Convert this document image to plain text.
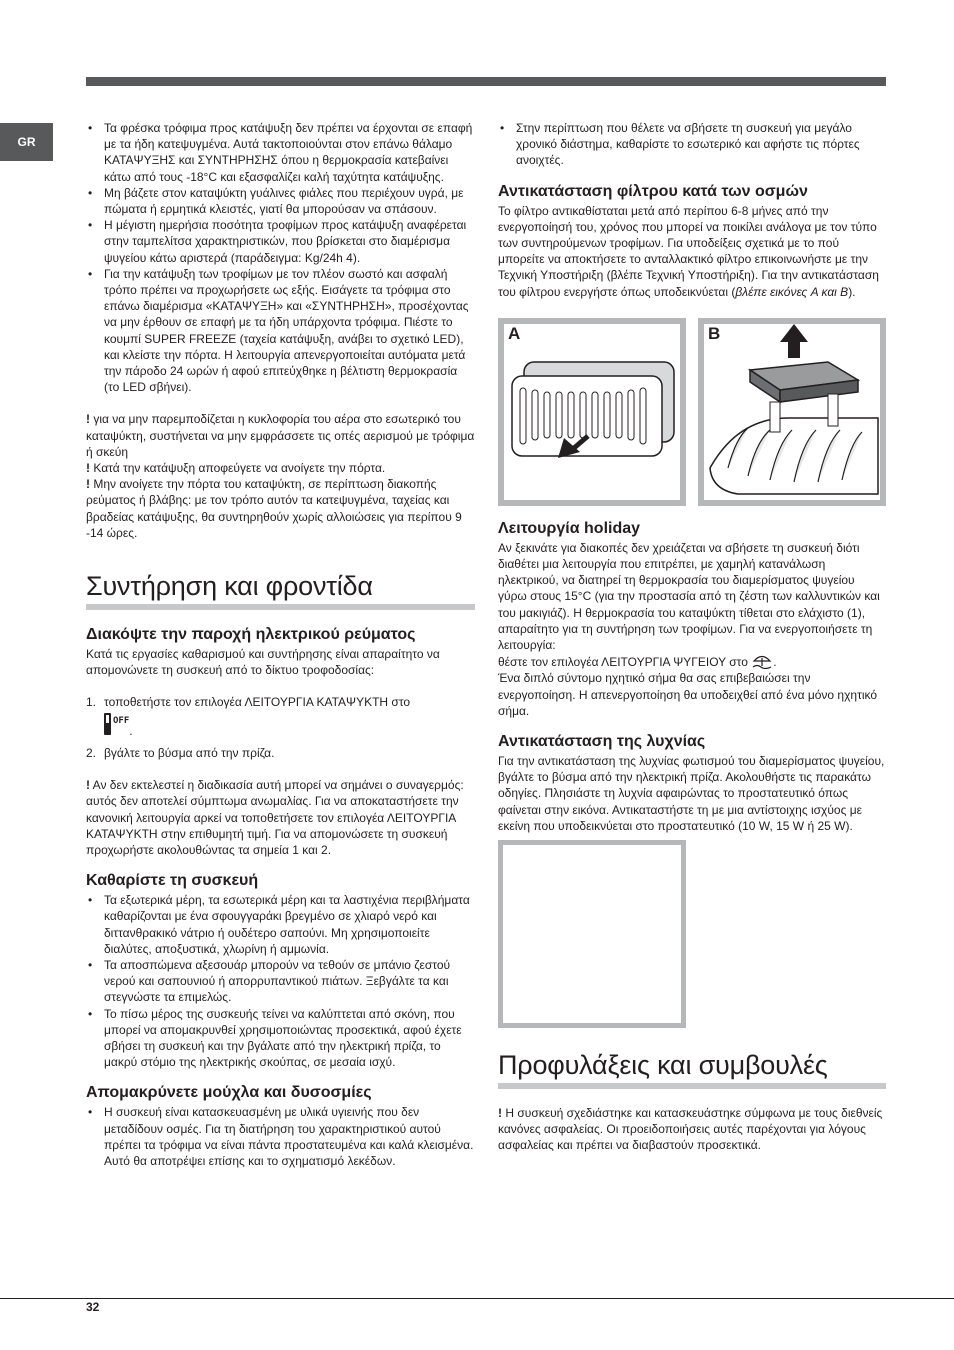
GR
• Τα φρέσκα τρόφιμα προς κατάψυξη δεν πρέπει να έρχονται σε επαφή με τα ήδη κατεψυγμένα. Αυτά τακτοποιούνται στον επάνω θάλαμο ΚΑΤΑΨΥΞΗΣ και ΣΥΝΤΗΡΗΣΗΣ όπου η θερμοκρασία κατεβαίνει κάτω από τους -18°C και εξασφαλίζει καλή ταχύτητα κατάψυξης.
• Μη βάζετε στον καταψύκτη γυάλινες φιάλες που περιέχουν υγρά, με πώματα ή ερμητικά κλειστές, γιατί θα μπορούσαν να σπάσουν.
• Η μέγιστη ημερήσια ποσότητα τροφίμων προς κατάψυξη αναφέρεται στην ταμπελίτσα χαρακτηριστικών, που βρίσκεται στο διαμέρισμα ψυγείου κάτω αριστερά (παράδειγμα: Kg/24h 4).
• Για την κατάψυξη των τροφίμων με τον πλέον σωστό και ασφαλή τρόπο πρέπει να προχωρήσετε ως εξής. Εισάγετε τα τρόφιμα στο επάνω διαμέρισμα «ΚΑΤΑΨΥΞΗ» και «ΣΥΝΤΗΡΗΣΗ», προσέχοντας να μην έρθουν σε επαφή με τα ήδη υπάρχοντα τρόφιμα. Πιέστε το κουμπί SUPER FREEZE (ταχεία κατάψυξη, ανάβει το σχετικό LED), και κλείστε την πόρτα. Η λειτουργία απενεργοποιείται αυτόματα μετά την πάροδο 24 ωρών ή αφού επιτεύχθηκε η βέλτιστη θερμοκρασία (το LED σβήνει).

! για να μην παρεμποδίζεται η κυκλοφορία του αέρα στο εσωτερικό του καταψύκτη, συστήνεται να μην εμφράσσετε τις οπές αερισμού με τρόφιμα ή σκεύη

! Κατά την κατάψυξη αποφεύγετε να ανοίγετε την πόρτα.

! Μην ανοίγετε την πόρτα του καταψύκτη, σε περίπτωση διακοπής ρεύματος ή βλάβης: με τον τρόπο αυτόν τα κατεψυγμένα, ταχείας και βραδείας κατάψυξης, θα συντηρηθούν χωρίς αλλοιώσεις για περίπου 9 -14 ώρες.

Συντήρηση και φροντίδα
Διακόψτε την παροχή ηλεκτρικού ρεύματος

Κατά τις εργασίες καθαρισμού και συντήρησης είναι απαραίτητο να απομονώνετε τη συσκευή από το δίκτυο τροφοδοσίας:

1. τοποθετήστε τον επιλογέα ΛΕΙΤΟΥΡΓΙΑ ΚΑΤΑΨΥΚΤΗ στο

OFF
.
2. βγάλτε το βύσμα από την πρίζα.

! Αν δεν εκτελεστεί η διαδικασία αυτή μπορεί να σημάνει ο συναγερμός: αυτός δεν αποτελεί σύμπτωμα ανωμαλίας. Για να αποκαταστήσετε την κανονική λειτουργία αρκεί να τοποθετήσετε τον επιλογέα ΛΕΙΤΟΥΡΓΙΑ ΚΑΤΑΨΥΚΤΗ στην επιθυμητή τιμή. Για να απομονώσετε τη συσκευή προχωρήστε ακολουθώντας τα σημεία 1 και 2.

Καθαρίστε τη συσκευή
• Τα εξωτερικά μέρη, τα εσωτερικά μέρη και τα λαστιχένια περιβλήματα καθαρίζονται με ένα σφουγγαράκι βρεγμένο σε χλιαρό νερό και διττανθρακικό νάτριο ή ουδέτερο σαπούνι. Μη χρησιμοποιείτε διαλύτες, αποξυστικά, χλωρίνη ή αμμωνία.
• Τα αποσπώμενα αξεσουάρ μπορούν να τεθούν σε μπάνιο ζεστού νερού και σαπουνιού ή απορρυπαντικού πιάτων. Ξεβγάλτε τα και στεγνώστε τα επιμελώς.
• Το πίσω μέρος της συσκευής τείνει να καλύπτεται από σκόνη, που μπορεί να απομακρυνθεί χρησιμοποιώντας προσεκτικά, αφού έχετε σβήσει τη συσκευή και την βγάλατε από την ηλεκτρική πρίζα, το μακρύ στόμιο της ηλεκτρικής σκούπας, σε μεσαία ισχύ.
Απομακρύνετε μούχλα και δυσοσμίες
• Η συσκευή είναι κατασκευασμένη με υλικά υγιεινής που δεν μεταδίδουν οσμές. Για τη διατήρηση του χαρακτηριστικού αυτού πρέπει τα τρόφιμα να είναι πάντα προστατευμένα και καλά κλεισμένα. Αυτό θα αποτρέψει επίσης και το σχηματισμό λεκέδων.
• Στην περίπτωση που θέλετε να σβήσετε τη συσκευή για μεγάλο χρονικό διάστημα, καθαρίστε το εσωτερικό και αφήστε τις πόρτες ανοιχτές.
Αντικατάσταση φίλτρου κατά των οσμών

Το φίλτρο αντικαθίσταται μετά από περίπου 6-8 μήνες από την ενεργοποίησή του, χρόνος που μπορεί να ποικίλει ανάλογα με τον τύπο των συντηρούμενων τροφίμων. Για υποδείξεις σχετικά με το πού μπορείτε να αποκτήσετε το ανταλλακτικό φίλτρο επικοινωνήστε με την Τεχνική Υποστήριξη (βλέπε Τεχνική Υποστήριξη). Για την αντικατάσταση του φίλτρου ενεργήστε όπως υποδεικνύεται (βλέπε εικόνες A και B).

A	B
Λειτουργία holiday

Αν ξεκινάτε για διακοπές δεν χρειάζεται να σβήσετε τη συσκευή διότι διαθέτει μια λειτουργία που επιτρέπει, με χαμηλή κατανάλωση ηλεκτρικού, να διατηρεί τη θερμοκρασία του διαμερίσματος ψυγείου γύρω στους 15°C (για την προστασία από τη ζέστη των καλλυντικών και του μακιγιάζ). Η θερμοκρασία του καταψύκτη τίθεται στο ελάχιστο (1), απαραίτητο για τη συντήρηση των τροφίμων. Για να ενεργοποιήσετε τη λειτουργία:

θέστε τον επιλογέα ΛΕΙΤΟΥΡΓΙΑ ΨΥΓΕΙΟΥ στο .

Ένα διπλό σύντομο ηχητικό σήμα θα σας επιβεβαιώσει την ενεργοποίηση. Η απενεργοποίηση θα υποδειχθεί από ένα μόνο ηχητικό σήμα.

Αντικατάσταση της λυχνίας

Για την αντικατάσταση της λυχνίας φωτισμού του διαμερίσματος ψυγείου, βγάλτε το βύσμα από την ηλεκτρική πρίζα. Ακολουθήστε τις παρακάτω οδηγίες. Πλησιάστε τη λυχνία αφαιρώντας το προστατευτικό όπως φαίνεται στην εικόνα. Αντικαταστήστε τη με μια αντίστοιχης ισχύος με εκείνη που υποδεικνύεται στο προστατευτικό (10 W, 15 W ή 25 W).

Προφυλάξεις και συμβουλές

! Η συσκευή σχεδιάστηκε και κατασκευάστηκε σύμφωνα με τους διεθνείς κανόνες ασφαλείας. Οι προειδοποιήσεις αυτές παρέχονται για λόγους ασφαλείας και πρέπει να διαβαστούν προσεκτικά.

32
